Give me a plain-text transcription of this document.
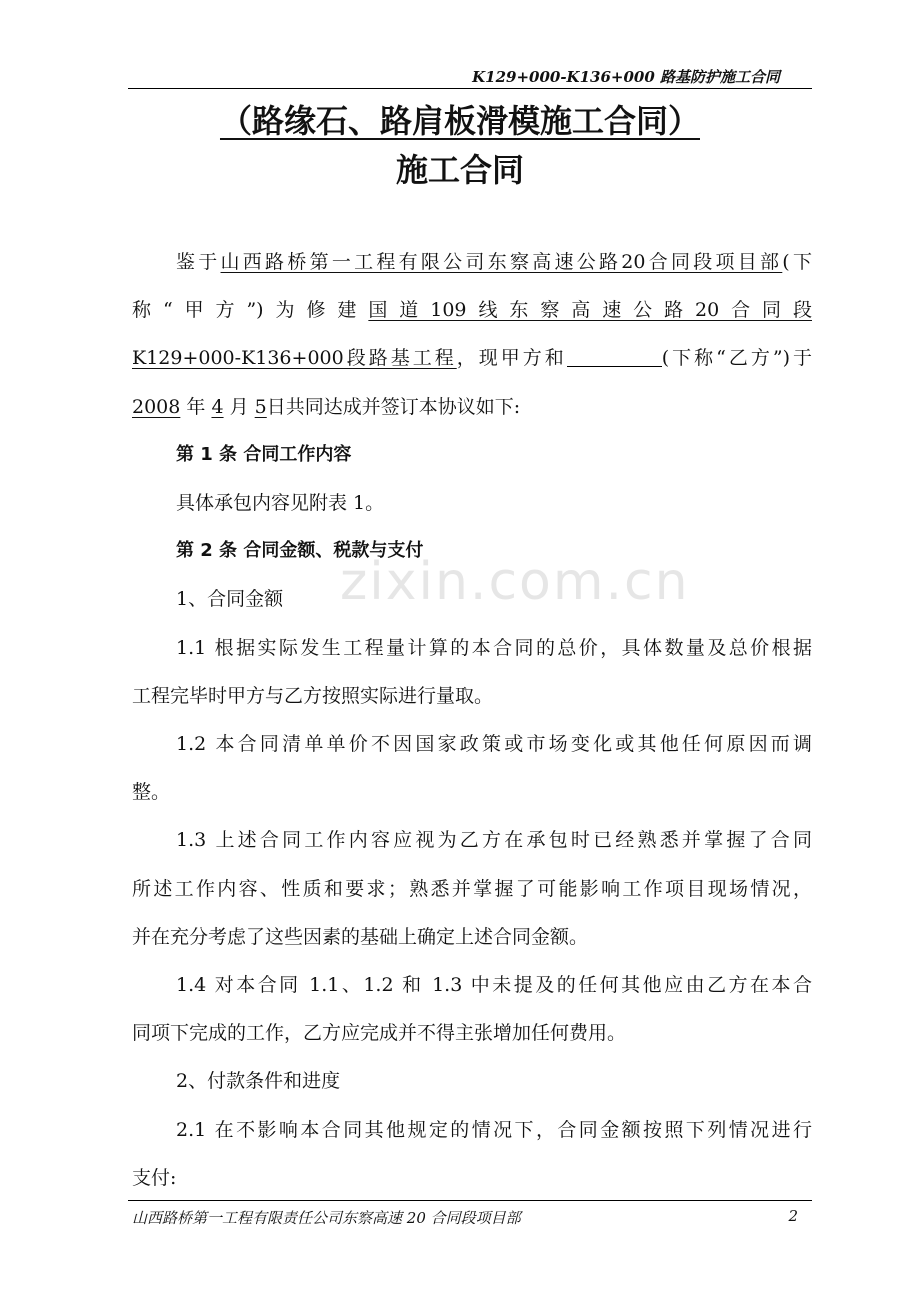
K129+000-K136+000 路基防护施工合同
（路缘石、路肩板滑模施工合同）
施工合同
zixin.com.cn

鉴于山西路桥第一工程有限公司东察高速公路20合同段项目部(下

称“甲方”)为修建国道109线东察高速公路20合同段

K129+000-K136+000段路基工程，现甲方和	(下称“乙方”)于

2008 年 4 月 5日共同达成并签订本协议如下:

第 1 条 合同工作内容

具体承包内容见附表 1。

第 2 条 合同金额、税款与支付

1、合同金额

1.1 根据实际发生工程量计算的本合同的总价，具体数量及总价根据

工程完毕时甲方与乙方按照实际进行量取。

1.2 本合同清单单价不因国家政策或市场变化或其他任何原因而调

整。

1.3 上述合同工作内容应视为乙方在承包时已经熟悉并掌握了合同

所述工作内容、性质和要求；熟悉并掌握了可能影响工作项目现场情况，

并在充分考虑了这些因素的基础上确定上述合同金额。

1.4 对本合同 1.1、1.2 和 1.3 中未提及的任何其他应由乙方在本合

同项下完成的工作，乙方应完成并不得主张增加任何费用。

2、付款条件和进度

2.1 在不影响本合同其他规定的情况下，合同金额按照下列情况进行

支付:

山西路桥第一工程有限责任公司东察高速 20 合同段项目部	2
